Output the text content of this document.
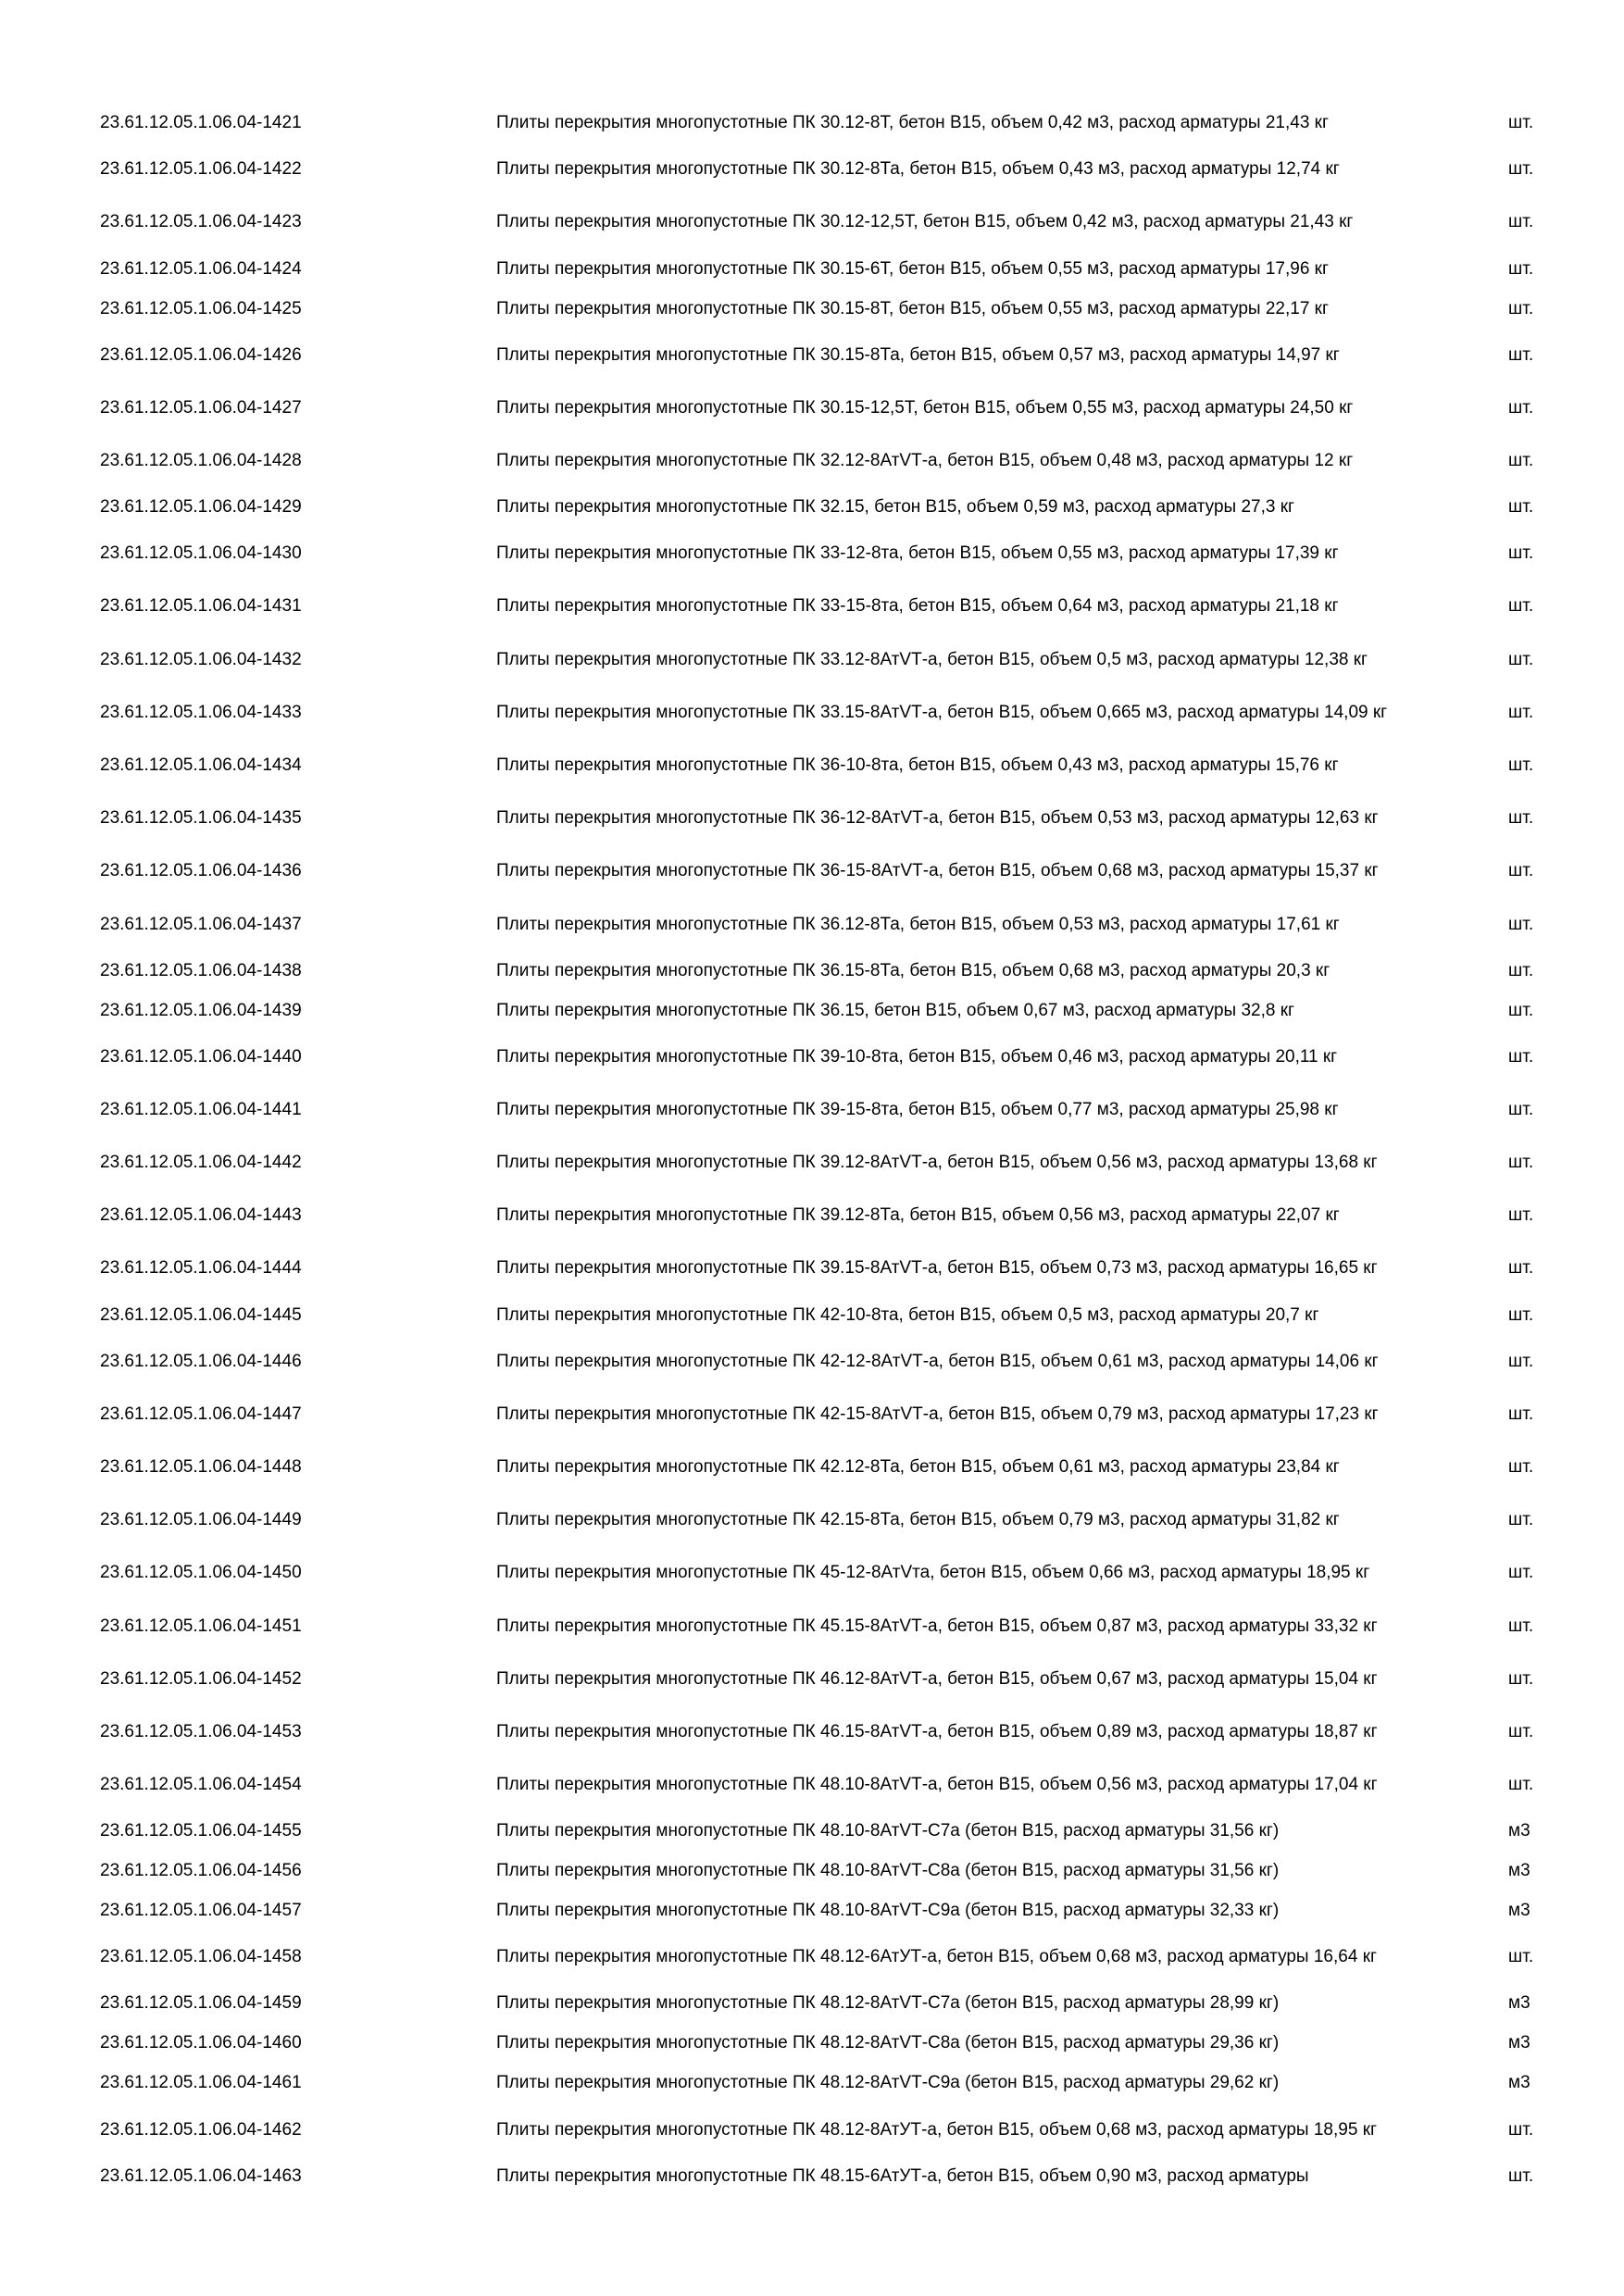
23.61.12.05.1.06.04-1421	Плиты перекрытия многопустотные ПК 30.12-8Т, бетон В15, объем 0,42 м3, расход арматуры 21,43 кг	шт.
23.61.12.05.1.06.04-1422	Плиты перекрытия многопустотные ПК 30.12-8Та, бетон В15, объем 0,43 м3, расход арматуры 12,74 кг	шт.
23.61.12.05.1.06.04-1423	Плиты перекрытия многопустотные ПК 30.12-12,5Т, бетон В15, объем 0,42 м3, расход арматуры 21,43 кг	шт.
23.61.12.05.1.06.04-1424	Плиты перекрытия многопустотные ПК 30.15-6Т, бетон В15, объем 0,55 м3, расход арматуры 17,96 кг	шт.
23.61.12.05.1.06.04-1425	Плиты перекрытия многопустотные ПК 30.15-8Т, бетон В15, объем 0,55 м3, расход арматуры 22,17 кг	шт.
23.61.12.05.1.06.04-1426	Плиты перекрытия многопустотные ПК 30.15-8Та, бетон В15, объем 0,57 м3, расход арматуры 14,97 кг	шт.
23.61.12.05.1.06.04-1427	Плиты перекрытия многопустотные ПК 30.15-12,5Т, бетон В15, объем 0,55 м3, расход арматуры 24,50 кг	шт.
23.61.12.05.1.06.04-1428	Плиты перекрытия многопустотные ПК 32.12-8АтVТ-а, бетон В15, объем 0,48 м3, расход арматуры 12 кг	шт.
23.61.12.05.1.06.04-1429	Плиты перекрытия многопустотные ПК 32.15, бетон В15, объем 0,59 м3, расход арматуры 27,3 кг	шт.
23.61.12.05.1.06.04-1430	Плиты перекрытия многопустотные ПК 33-12-8та, бетон В15, объем 0,55 м3, расход арматуры 17,39 кг	шт.
23.61.12.05.1.06.04-1431	Плиты перекрытия многопустотные ПК 33-15-8та, бетон В15, объем 0,64 м3, расход арматуры 21,18 кг	шт.
23.61.12.05.1.06.04-1432	Плиты перекрытия многопустотные ПК 33.12-8АтVТ-а, бетон В15, объем 0,5 м3, расход арматуры 12,38 кг	шт.
23.61.12.05.1.06.04-1433	Плиты перекрытия многопустотные ПК 33.15-8АтVТ-а, бетон В15, объем 0,665 м3, расход арматуры 14,09 кг	шт.
23.61.12.05.1.06.04-1434	Плиты перекрытия многопустотные ПК 36-10-8та, бетон В15, объем 0,43 м3, расход арматуры 15,76 кг	шт.
23.61.12.05.1.06.04-1435	Плиты перекрытия многопустотные ПК 36-12-8АтVТ-а, бетон В15, объем 0,53 м3, расход арматуры 12,63 кг	шт.
23.61.12.05.1.06.04-1436	Плиты перекрытия многопустотные ПК 36-15-8АтVТ-а, бетон В15, объем 0,68 м3, расход арматуры 15,37 кг	шт.
23.61.12.05.1.06.04-1437	Плиты перекрытия многопустотные ПК 36.12-8Та, бетон В15, объем 0,53 м3, расход арматуры 17,61 кг	шт.
23.61.12.05.1.06.04-1438	Плиты перекрытия многопустотные ПК 36.15-8Та, бетон В15, объем 0,68 м3, расход арматуры 20,3 кг	шт.
23.61.12.05.1.06.04-1439	Плиты перекрытия многопустотные ПК 36.15, бетон В15, объем 0,67 м3, расход арматуры 32,8 кг	шт.
23.61.12.05.1.06.04-1440	Плиты перекрытия многопустотные ПК 39-10-8та, бетон В15, объем 0,46 м3, расход арматуры 20,11 кг	шт.
23.61.12.05.1.06.04-1441	Плиты перекрытия многопустотные ПК 39-15-8та, бетон В15, объем 0,77 м3, расход арматуры 25,98 кг	шт.
23.61.12.05.1.06.04-1442	Плиты перекрытия многопустотные ПК 39.12-8АтVТ-а, бетон В15, объем 0,56 м3, расход арматуры 13,68 кг	шт.
23.61.12.05.1.06.04-1443	Плиты перекрытия многопустотные ПК 39.12-8Та, бетон В15, объем 0,56 м3, расход арматуры 22,07 кг	шт.
23.61.12.05.1.06.04-1444	Плиты перекрытия многопустотные ПК 39.15-8АтVТ-а, бетон В15, объем 0,73 м3, расход арматуры 16,65 кг	шт.
23.61.12.05.1.06.04-1445	Плиты перекрытия многопустотные ПК 42-10-8та, бетон В15, объем 0,5 м3, расход арматуры 20,7 кг	шт.
23.61.12.05.1.06.04-1446	Плиты перекрытия многопустотные ПК 42-12-8АтVТ-а, бетон В15, объем 0,61 м3, расход арматуры 14,06 кг	шт.
23.61.12.05.1.06.04-1447	Плиты перекрытия многопустотные ПК 42-15-8АтVТ-а, бетон В15, объем 0,79 м3, расход арматуры 17,23 кг	шт.
23.61.12.05.1.06.04-1448	Плиты перекрытия многопустотные ПК 42.12-8Та, бетон В15, объем 0,61 м3, расход арматуры 23,84 кг	шт.
23.61.12.05.1.06.04-1449	Плиты перекрытия многопустотные ПК 42.15-8Та, бетон В15, объем 0,79 м3, расход арматуры 31,82 кг	шт.
23.61.12.05.1.06.04-1450	Плиты перекрытия многопустотные ПК 45-12-8АтVта, бетон В15, объем 0,66 м3, расход арматуры 18,95 кг	шт.
23.61.12.05.1.06.04-1451	Плиты перекрытия многопустотные ПК 45.15-8АтVТ-а, бетон В15, объем 0,87 м3, расход арматуры 33,32 кг	шт.
23.61.12.05.1.06.04-1452	Плиты перекрытия многопустотные ПК 46.12-8АтVТ-а, бетон В15, объем 0,67 м3, расход арматуры 15,04 кг	шт.
23.61.12.05.1.06.04-1453	Плиты перекрытия многопустотные ПК 46.15-8АтVТ-а, бетон В15, объем 0,89 м3, расход арматуры 18,87 кг	шт.
23.61.12.05.1.06.04-1454	Плиты перекрытия многопустотные ПК 48.10-8АтVТ-а, бетон В15, объем 0,56 м3, расход арматуры 17,04 кг	шт.
23.61.12.05.1.06.04-1455	Плиты перекрытия многопустотные ПК 48.10-8АтVТ-С7а (бетон В15, расход арматуры 31,56 кг)	м3
23.61.12.05.1.06.04-1456	Плиты перекрытия многопустотные ПК 48.10-8АтVТ-С8а (бетон В15, расход арматуры 31,56 кг)	м3
23.61.12.05.1.06.04-1457	Плиты перекрытия многопустотные ПК 48.10-8АтVТ-С9а (бетон В15, расход арматуры 32,33 кг)	м3
23.61.12.05.1.06.04-1458	Плиты перекрытия многопустотные ПК 48.12-6АтУТ-а, бетон В15, объем 0,68 м3, расход арматуры 16,64 кг	шт.
23.61.12.05.1.06.04-1459	Плиты перекрытия многопустотные ПК 48.12-8АтVТ-С7а (бетон В15, расход арматуры 28,99 кг)	м3
23.61.12.05.1.06.04-1460	Плиты перекрытия многопустотные ПК 48.12-8АтVТ-С8а (бетон В15, расход арматуры 29,36 кг)	м3
23.61.12.05.1.06.04-1461	Плиты перекрытия многопустотные ПК 48.12-8АтVТ-С9а (бетон В15, расход арматуры 29,62 кг)	м3
23.61.12.05.1.06.04-1462	Плиты перекрытия многопустотные ПК 48.12-8АтУТ-а, бетон В15, объем 0,68 м3, расход арматуры 18,95 кг	шт.
23.61.12.05.1.06.04-1463	Плиты перекрытия многопустотные ПК 48.15-6АтУТ-а, бетон В15, объем 0,90 м3, расход арматуры	шт.
